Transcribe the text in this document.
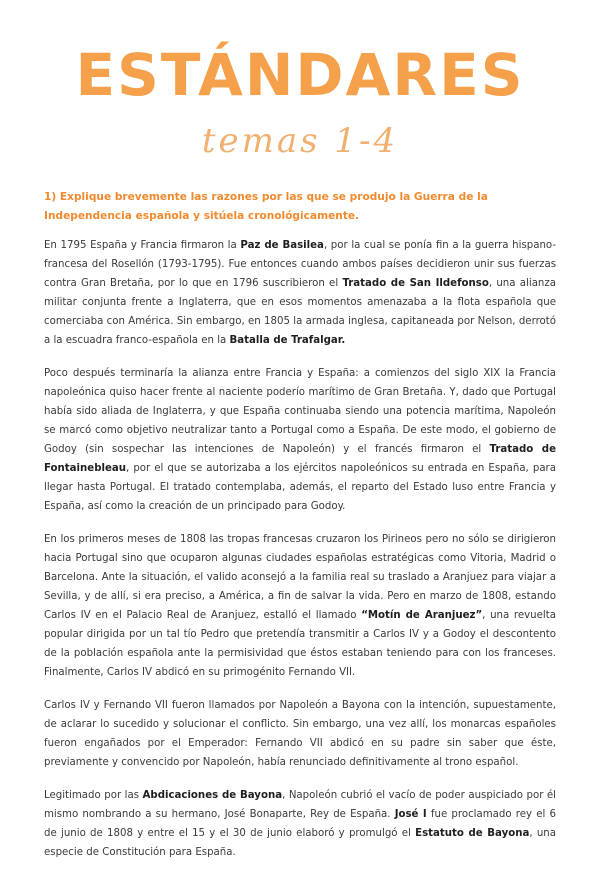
ESTÁNDARES
temas 1-4

1) Explique brevemente las razones por las que se produjo la Guerra de la Independencia española y sitúela cronológicamente.

En 1795 España y Francia firmaron la Paz de Basilea, por la cual se ponía fin a la guerra hispano-francesa del Rosellón (1793-1795). Fue entonces cuando ambos países decidieron unir sus fuerzas contra Gran Bretaña, por lo que en 1796 suscribieron el Tratado de San Ildefonso, una alianza militar conjunta frente a Inglaterra, que en esos momentos amenazaba a la flota española que comerciaba con América. Sin embargo, en 1805 la armada inglesa, capitaneada por Nelson, derrotó a la escuadra franco-española en la Batalla de Trafalgar.

Poco después terminaría la alianza entre Francia y España: a comienzos del siglo XIX la Francia napoleónica quiso hacer frente al naciente poderío marítimo de Gran Bretaña. Y, dado que Portugal había sido aliada de Inglaterra, y que España continuaba siendo una potencia marítima, Napoleón se marcó como objetivo neutralizar tanto a Portugal como a España. De este modo, el gobierno de Godoy (sin sospechar las intenciones de Napoleón) y el francés firmaron el Tratado de Fontainebleau, por el que se autorizaba a los ejércitos napoleónicos su entrada en España, para llegar hasta Portugal. El tratado contemplaba, además, el reparto del Estado luso entre Francia y España, así como la creación de un principado para Godoy.

En los primeros meses de 1808 las tropas francesas cruzaron los Pirineos pero no sólo se dirigieron hacia Portugal sino que ocuparon algunas ciudades españolas estratégicas como Vitoria, Madrid o Barcelona. Ante la situación, el valido aconsejó a la familia real su traslado a Aranjuez para viajar a Sevilla, y de allí, si era preciso, a América, a fin de salvar la vida. Pero en marzo de 1808, estando Carlos IV en el Palacio Real de Aranjuez, estalló el llamado “Motín de Aranjuez”, una revuelta popular dirigida por un tal tío Pedro que pretendía transmitir a Carlos IV y a Godoy el descontento de la población española ante la permisividad que éstos estaban teniendo para con los franceses. Finalmente, Carlos IV abdicó en su primogénito Fernando VII.

Carlos IV y Fernando VII fueron llamados por Napoleón a Bayona con la intención, supuestamente, de aclarar lo sucedido y solucionar el conflicto. Sin embargo, una vez allí, los monarcas españoles fueron engañados por el Emperador: Fernando VII abdicó en su padre sin saber que éste, previamente y convencido por Napoleón, había renunciado definitivamente al trono español.

Legitimado por las Abdicaciones de Bayona, Napoleón cubrió el vacío de poder auspiciado por él mismo nombrando a su hermano, José Bonaparte, Rey de España. José I fue proclamado rey el 6 de junio de 1808 y entre el 15 y el 30 de junio elaboró y promulgó el Estatuto de Bayona, una especie de Constitución para España.
